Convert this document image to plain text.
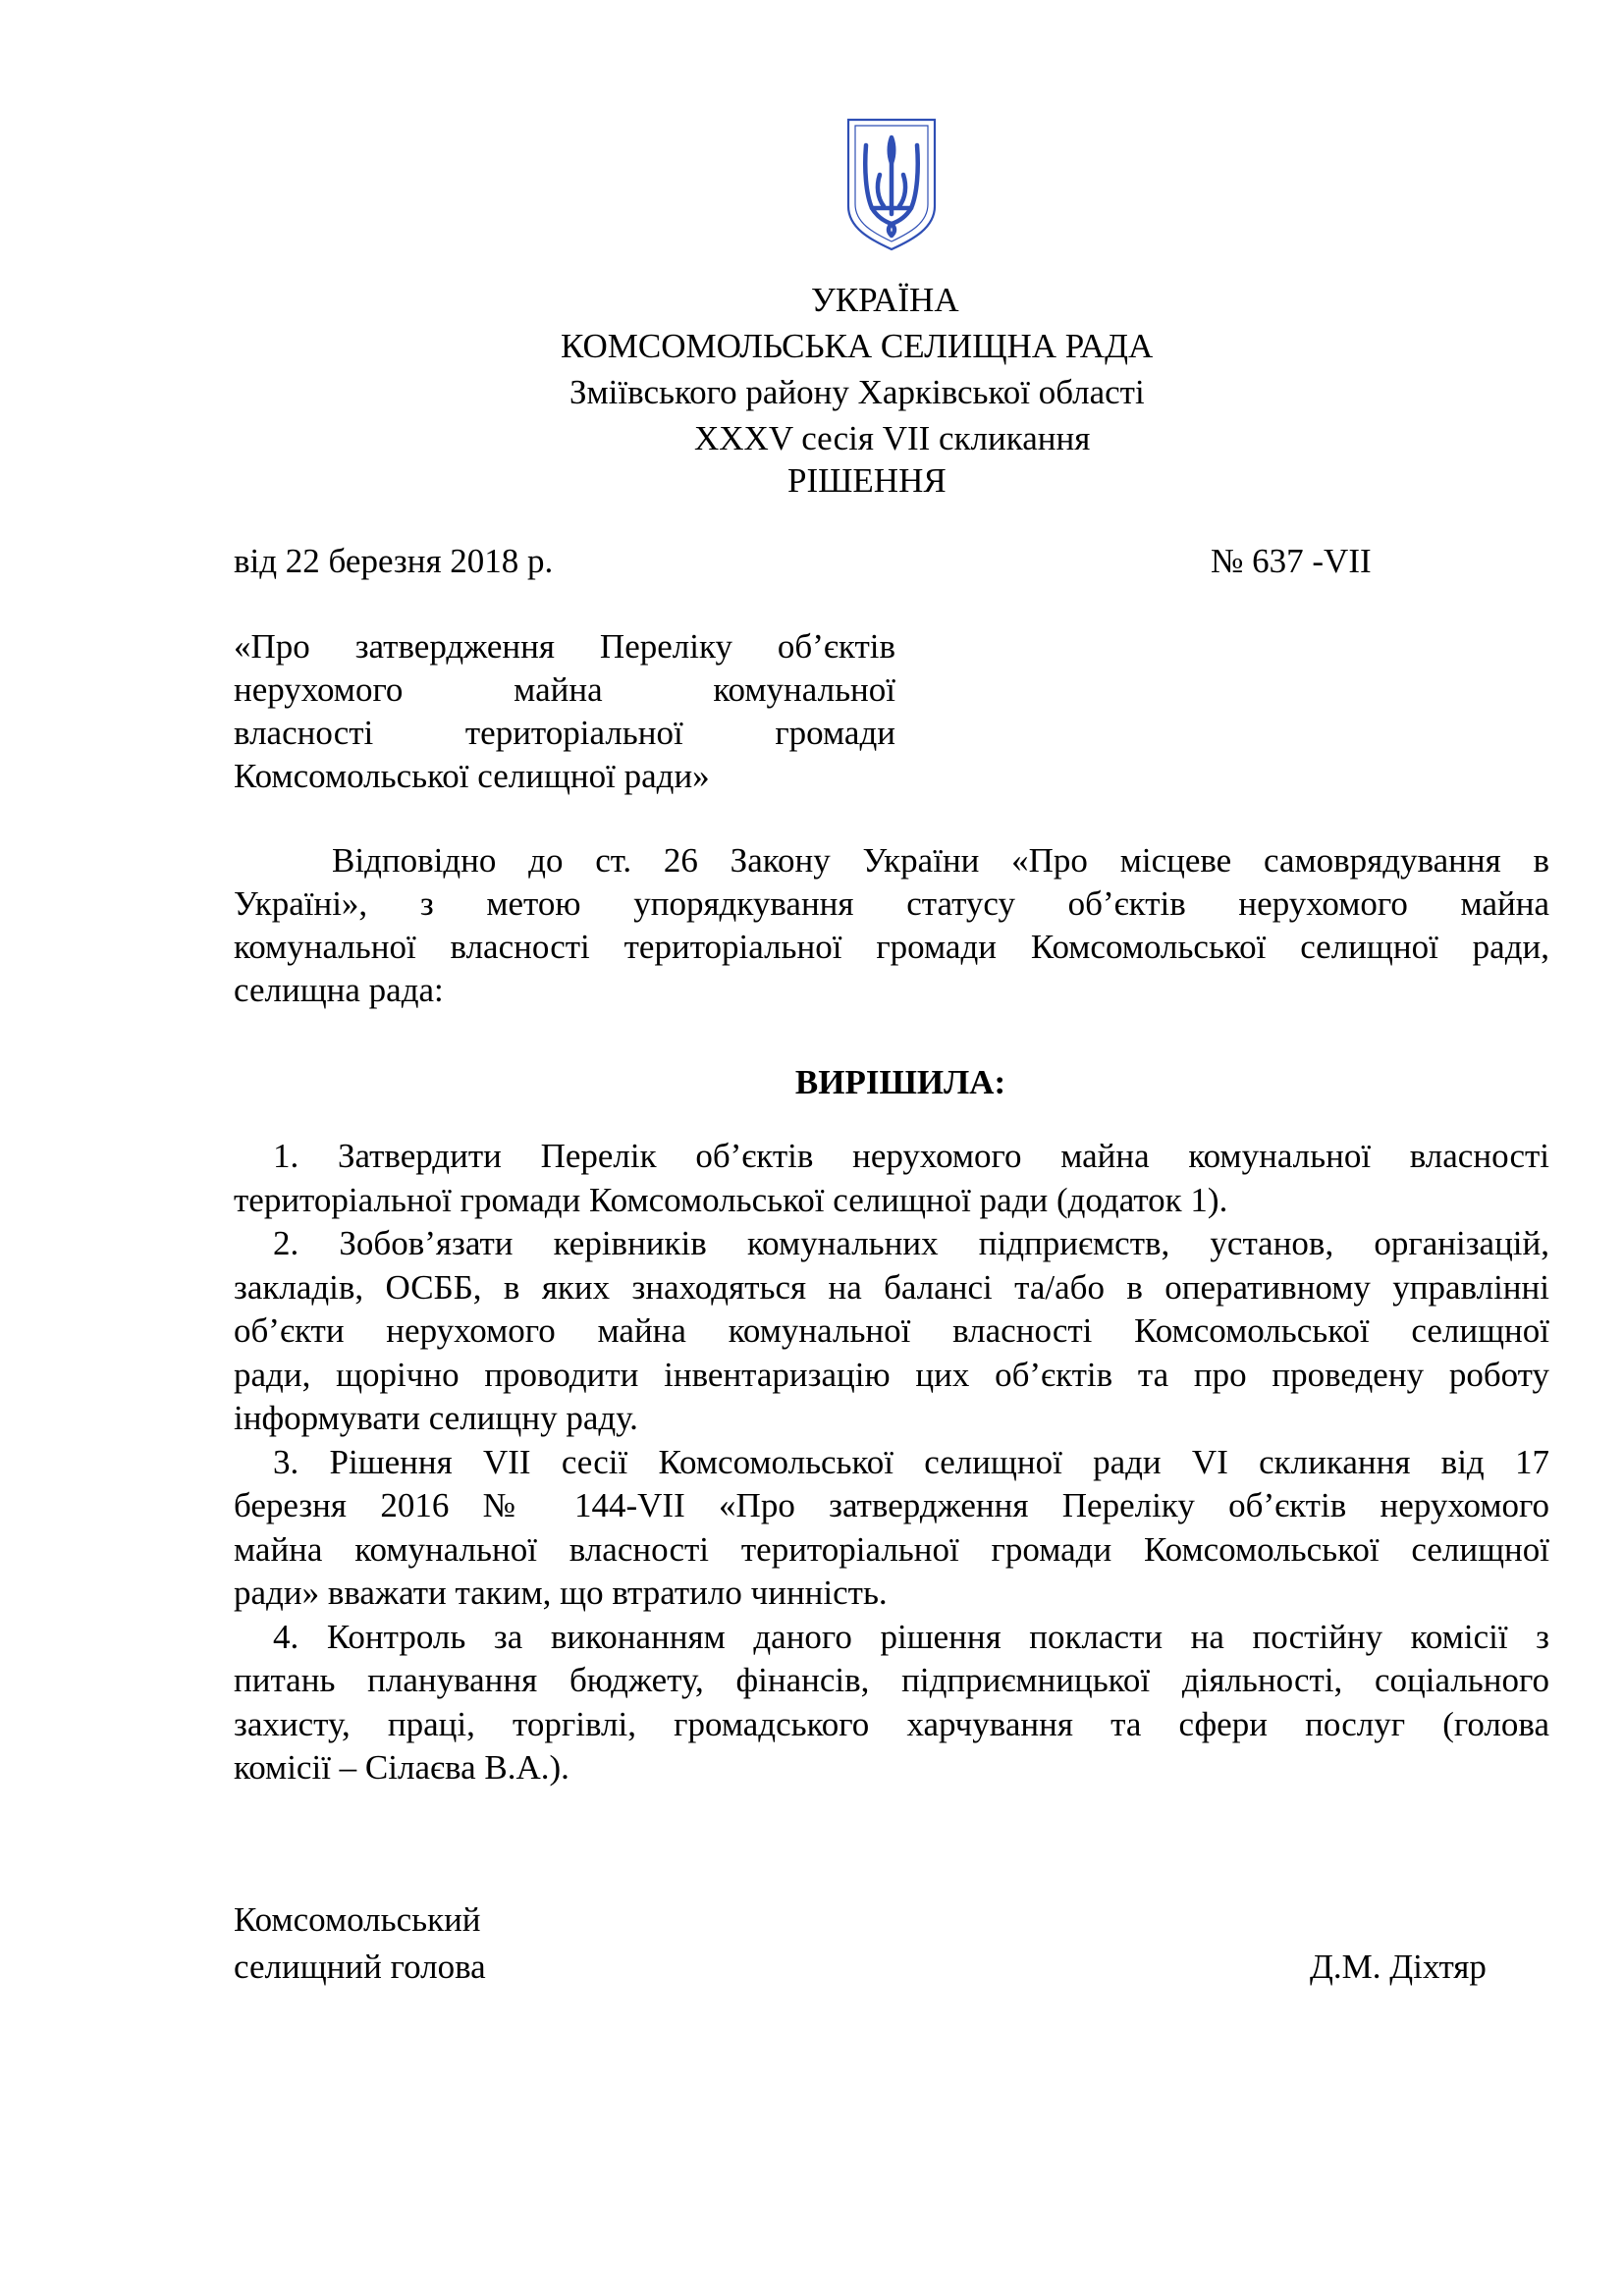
УКРАЇНА
КОМСОМОЛЬСЬКА СЕЛИЩНА РАДА
Зміївського району Харківської області
XXXV сесія VII скликання
РІШЕННЯ
від 22 березня 2018 р.	№ 637 -VII
«Про затвердження Переліку об’єктів
нерухомого майна комунальної
власності територіальної громади
Комсомольської селищної ради»
Відповідно до ст. 26 Закону України «Про місцеве самоврядування в
Україні», з метою упорядкування статусу об’єктів нерухомого майна
комунальної власності територіальної громади Комсомольської селищної ради,
селищна рада:
ВИРІШИЛА:
1. Затвердити Перелік об’єктів нерухомого майна комунальної власності
територіальної громади Комсомольської селищної ради (додаток 1).
2. Зобов’язати керівників комунальних підприємств, установ, організацій,
закладів, ОСББ, в яких знаходяться на балансі та/або в оперативному управлінні
об’єкти нерухомого майна комунальної власності Комсомольської селищної
ради, щорічно проводити інвентаризацію цих об’єктів та про проведену роботу
інформувати селищну раду.
3. Рішення VII сесії Комсомольської селищної ради VI скликання від 17
березня 2016 № 144-VII «Про затвердження Переліку об’єктів нерухомого
майна комунальної власності територіальної громади Комсомольської селищної
ради» вважати таким, що втратило чинність.
4. Контроль за виконанням даного рішення покласти на постійну комісії з
питань планування бюджету, фінансів, підприємницької діяльності, соціального
захисту, праці, торгівлі, громадського харчування та сфери послуг (голова
комісії – Сілаєва В.А.).
Комсомольський
селищний голова	Д.М. Діхтяр
